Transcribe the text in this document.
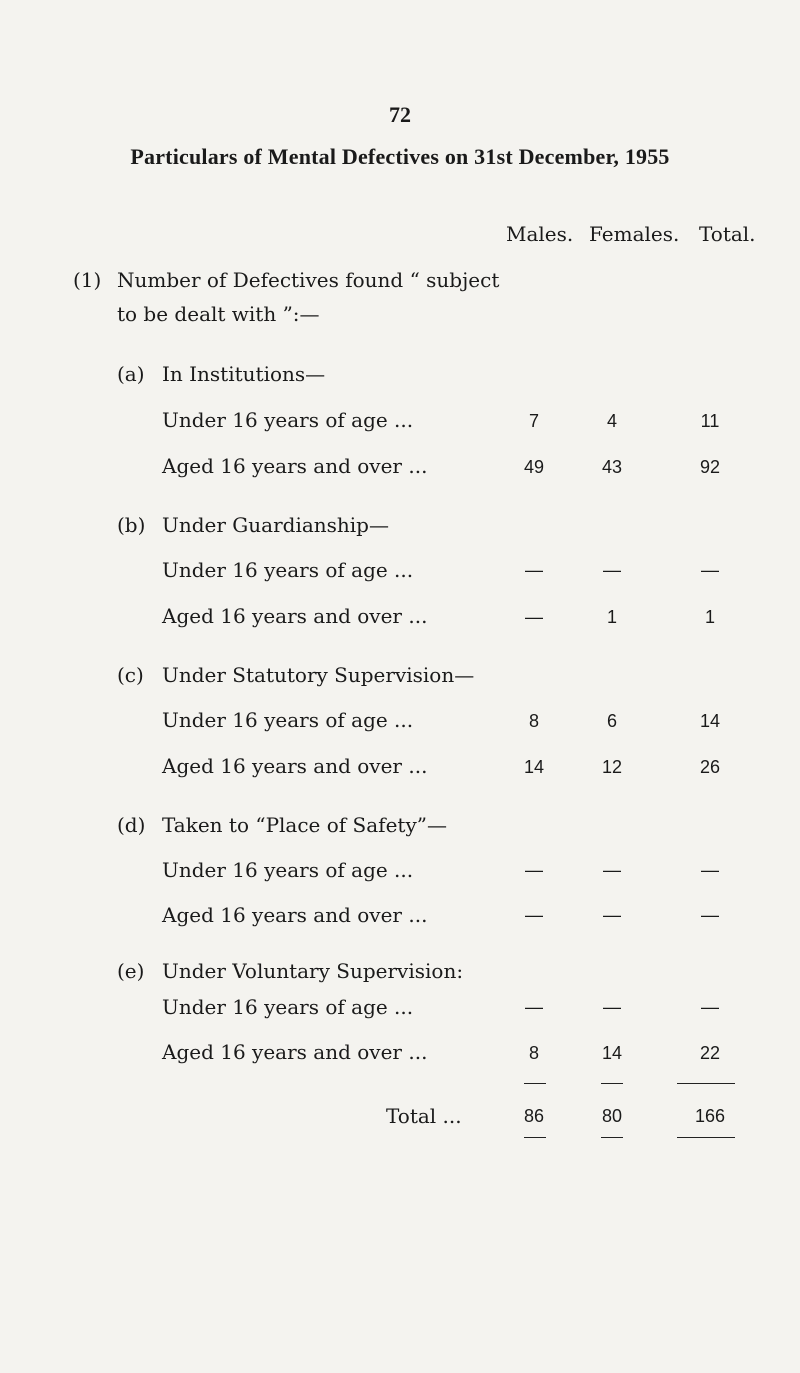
72
Particulars of Mental Defectives on 31st December, 1955
Males. Females. Total.
(1) Number of Defectives found “ subject
to be dealt with ”:—
(a) In Institutions—
Under 16 years of age ...	7	4	11
Aged 16 years and over ...	49	43	92
(b) Under Guardianship—
Under 16 years of age ...	—	—	—
Aged 16 years and over ...	—	1	1
(c) Under Statutory Supervision—
Under 16 years of age ...	8	6	14
Aged 16 years and over ...	14	12	26
(d) Taken to “Place of Safety”—
Under 16 years of age ...	—	—	—
Aged 16 years and over ...	—	—	—
(e) Under Voluntary Supervision:
Under 16 years of age ...	—	—	—
Aged 16 years and over ...	8	14	22
Total ...	86	80	166
